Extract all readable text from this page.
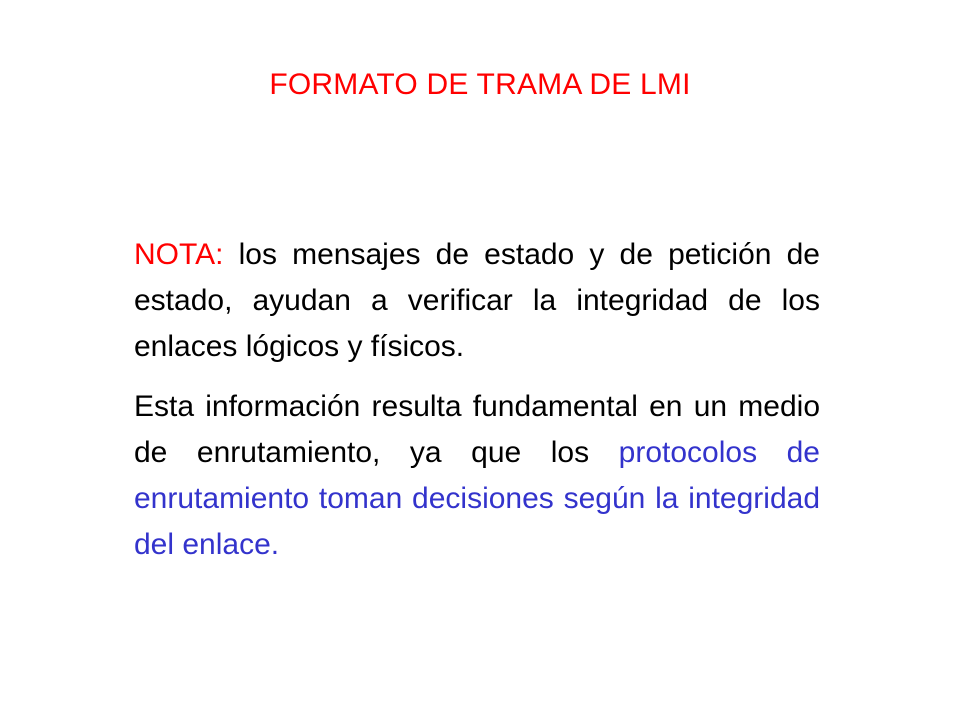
FORMATO DE TRAMA DE LMI

NOTA: los mensajes de estado y de petición de estado, ayudan a verificar la integridad de los enlaces lógicos y físicos.

Esta información resulta fundamental en un medio de enrutamiento, ya que los protocolos de enrutamiento toman decisiones según la integridad del enlace.
